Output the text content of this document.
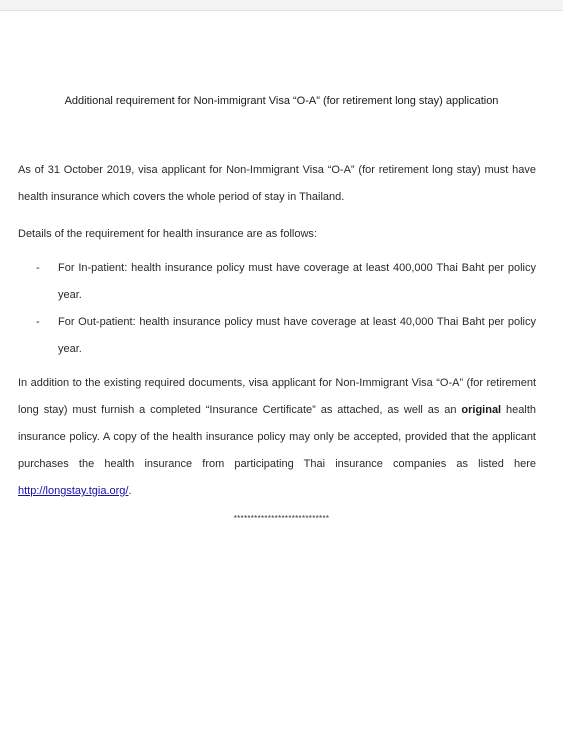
Additional requirement for Non-immigrant Visa “O-A” (for retirement long stay) application
As of 31 October 2019, visa applicant for Non-Immigrant Visa “O-A” (for retirement long stay) must have health insurance which covers the whole period of stay in Thailand.
Details of the requirement for health insurance are as follows:
- For In-patient: health insurance policy must have coverage at least 400,000 Thai Baht per policy year.
- For Out-patient: health insurance policy must have coverage at least 40,000 Thai Baht per policy year.
In addition to the existing required documents, visa applicant for Non-Immigrant Visa “O-A” (for retirement long stay) must furnish a completed “Insurance Certificate” as attached, as well as an original health insurance policy. A copy of the health insurance policy may only be accepted, provided that the applicant purchases the health insurance from participating Thai insurance companies as listed here http://longstay.tgia.org/.
****************************
